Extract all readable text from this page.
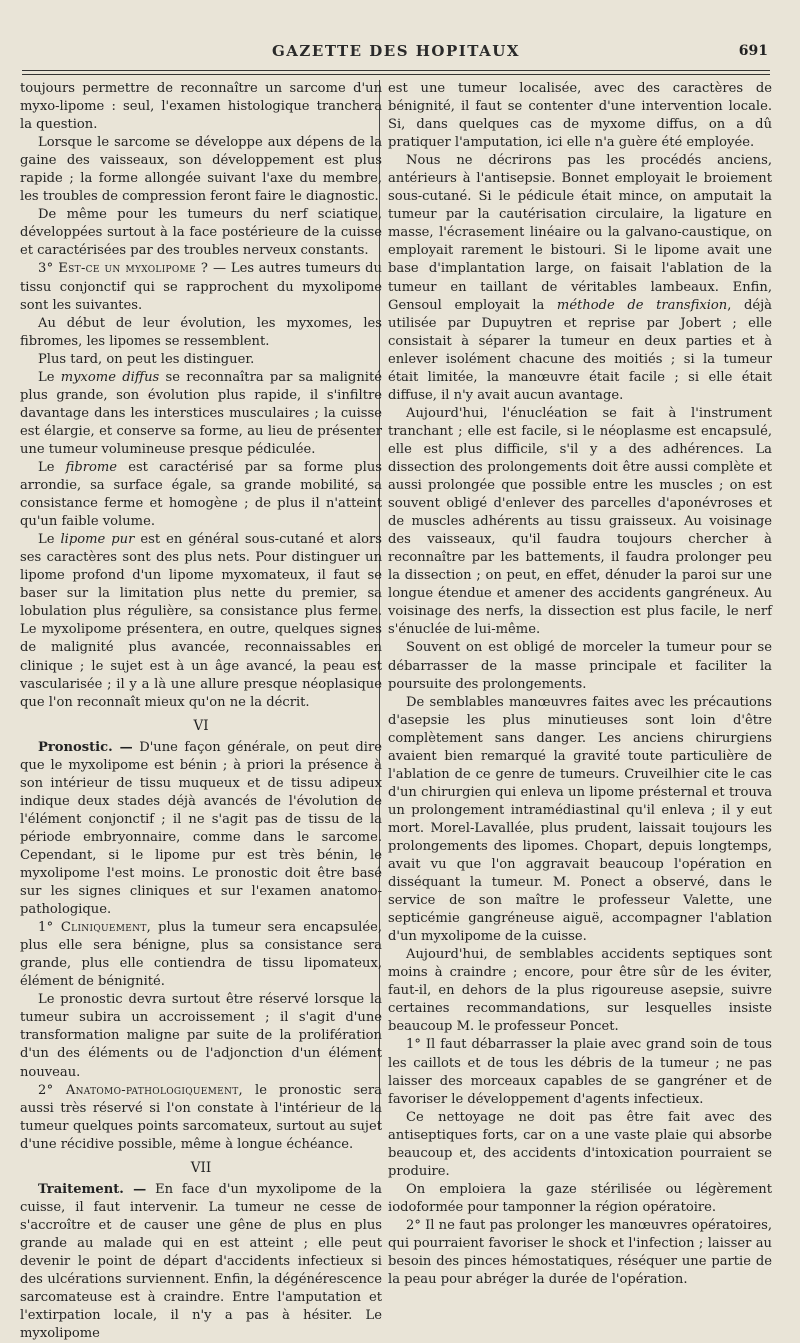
GAZETTE DES HOPITAUX	691

toujours permettre de reconnaître un sarcome d'un myxo-lipome : seul, l'examen histologique tranchera la question.

Lorsque le sarcome se développe aux dépens de la gaine des vaisseaux, son développement est plus rapide ; la forme allongée suivant l'axe du membre, les troubles de compression feront faire le diagnostic.

De même pour les tumeurs du nerf sciatique, développées surtout à la face postérieure de la cuisse et caractérisées par des troubles nerveux constants.

3° Est-ce un myxolipome ? — Les autres tumeurs du tissu conjonctif qui se rapprochent du myxolipome sont les suivantes.

Au début de leur évolution, les myxomes, les fibromes, les lipomes se ressemblent.

Plus tard, on peut les distinguer.

Le myxome diffus se reconnaîtra par sa malignité plus grande, son évolution plus rapide, il s'infiltre davantage dans les interstices musculaires ; la cuisse est élargie, et conserve sa forme, au lieu de présenter une tumeur volumineuse presque pédiculée.

Le fibrome est caractérisé par sa forme plus arrondie, sa surface égale, sa grande mobilité, sa consistance ferme et homogène ; de plus il n'atteint qu'un faible volume.

Le lipome pur est en général sous-cutané et alors ses caractères sont des plus nets. Pour distinguer un lipome profond d'un lipome myxomateux, il faut se baser sur la limitation plus nette du premier, sa lobulation plus régulière, sa consistance plus ferme. Le myxolipome présentera, en outre, quelques signes de malignité plus avancée, reconnaissables en clinique ; le sujet est à un âge avancé, la peau est vascularisée ; il y a là une allure presque néoplasique que l'on reconnaît mieux qu'on ne la décrit.

VI

Pronostic. — D'une façon générale, on peut dire que le myxolipome est bénin ; à priori la présence à son intérieur de tissu muqueux et de tissu adipeux indique deux stades déjà avancés de l'évolution de l'élément conjonctif ; il ne s'agit pas de tissu de la période embryonnaire, comme dans le sarcome. Cependant, si le lipome pur est très bénin, le myxolipome l'est moins. Le pronostic doit être basé sur les signes cliniques et sur l'examen anatomo-pathologique.

1° Cliniquement, plus la tumeur sera encapsulée, plus elle sera bénigne, plus sa consistance sera grande, plus elle contiendra de tissu lipomateux, élément de bénignité.

Le pronostic devra surtout être réservé lorsque la tumeur subira un accroissement ; il s'agit d'une transformation maligne par suite de la prolifération d'un des éléments ou de l'adjonction d'un élément nouveau.

2° Anatomo-pathologiquement, le pronostic sera aussi très réservé si l'on constate à l'intérieur de la tumeur quelques points sarcomateux, surtout au sujet d'une récidive possible, même à longue échéance.

VII

Traitement. — En face d'un myxolipome de la cuisse, il faut intervenir. La tumeur ne cesse de s'accroître et de causer une gêne de plus en plus grande au malade qui en est atteint ; elle peut devenir le point de départ d'accidents infectieux si des ulcérations surviennent. Enfin, la dégénérescence sarcomateuse est à craindre. Entre l'amputation et l'extirpation locale, il n'y a pas à hésiter. Le myxolipome

est une tumeur localisée, avec des caractères de bénignité, il faut se contenter d'une intervention locale. Si, dans quelques cas de myxome diffus, on a dû pratiquer l'amputation, ici elle n'a guère été employée.

Nous ne décrirons pas les procédés anciens, antérieurs à l'antisepsie. Bonnet employait le broiement sous-cutané. Si le pédicule était mince, on amputait la tumeur par la cautérisation circulaire, la ligature en masse, l'écrasement linéaire ou la galvano-caustique, on employait rarement le bistouri. Si le lipome avait une base d'implantation large, on faisait l'ablation de la tumeur en taillant de véritables lambeaux. Enfin, Gensoul employait la méthode de transfixion, déjà utilisée par Dupuytren et reprise par Jobert ; elle consistait à séparer la tumeur en deux parties et à enlever isolément chacune des moitiés ; si la tumeur était limitée, la manœuvre était facile ; si elle était diffuse, il n'y avait aucun avantage.

Aujourd'hui, l'énucléation se fait à l'instrument tranchant ; elle est facile, si le néoplasme est encapsulé, elle est plus difficile, s'il y a des adhérences. La dissection des prolongements doit être aussi complète et aussi prolongée que possible entre les muscles ; on est souvent obligé d'enlever des parcelles d'aponévroses et de muscles adhérents au tissu graisseux. Au voisinage des vaisseaux, qu'il faudra toujours chercher à reconnaître par les battements, il faudra prolonger peu la dissection ; on peut, en effet, dénuder la paroi sur une longue étendue et amener des accidents gangréneux. Au voisinage des nerfs, la dissection est plus facile, le nerf s'énuclée de lui-même.

Souvent on est obligé de morceler la tumeur pour se débarrasser de la masse principale et faciliter la poursuite des prolongements.

De semblables manœuvres faites avec les précautions d'asepsie les plus minutieuses sont loin d'être complètement sans danger. Les anciens chirurgiens avaient bien remarqué la gravité toute particulière de l'ablation de ce genre de tumeurs. Cruveilhier cite le cas d'un chirurgien qui enleva un lipome présternal et trouva un prolongement intramédiastinal qu'il enleva ; il y eut mort. Morel-Lavallée, plus prudent, laissait toujours les prolongements des lipomes. Chopart, depuis longtemps, avait vu que l'on aggravait beaucoup l'opération en disséquant la tumeur. M. Ponect a observé, dans le service de son maître le professeur Valette, une septicémie gangréneuse aiguë, accompagner l'ablation d'un myxolipome de la cuisse.

Aujourd'hui, de semblables accidents septiques sont moins à craindre ; encore, pour être sûr de les éviter, faut-il, en dehors de la plus rigoureuse asepsie, suivre certaines recommandations, sur lesquelles insiste beaucoup M. le professeur Poncet.

1° Il faut débarrasser la plaie avec grand soin de tous les caillots et de tous les débris de la tumeur ; ne pas laisser des morceaux capables de se gangréner et de favoriser le développement d'agents infectieux.

Ce nettoyage ne doit pas être fait avec des antiseptiques forts, car on a une vaste plaie qui absorbe beaucoup et, des accidents d'intoxication pourraient se produire.

On emploiera la gaze stérilisée ou légèrement iodoformée pour tamponner la région opératoire.

2° Il ne faut pas prolonger les manœuvres opératoires, qui pourraient favoriser le shock et l'infection ; laisser au besoin des pinces hémostatiques, réséquer une partie de la peau pour abréger la durée de l'opération.
